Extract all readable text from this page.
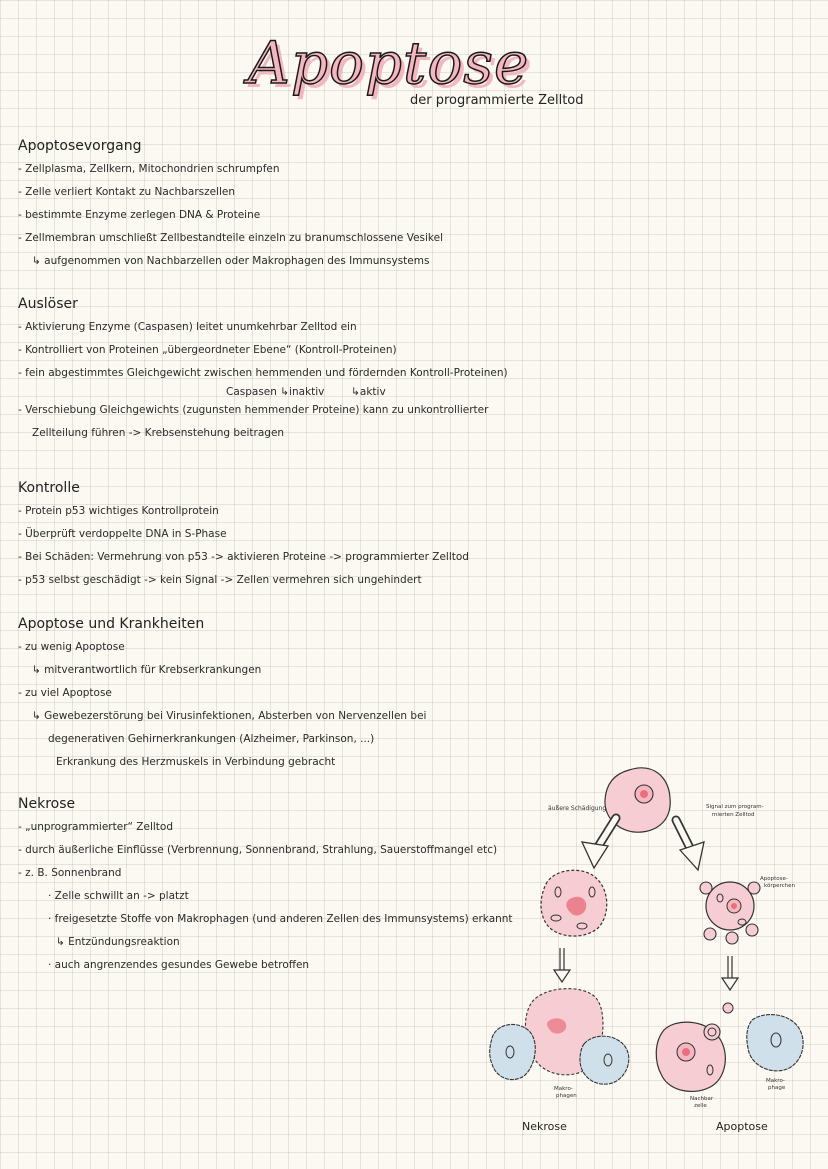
Apoptose
der programmierte Zelltod
Apoptosevorgang
- Zellplasma, Zellkern, Mitochondrien schrumpfen
- Zelle verliert Kontakt zu Nachbarszellen
- bestimmte Enzyme zerlegen DNA & Proteine
- Zellmembran umschließt Zellbestandteile einzeln zu branumschlossene Vesikel
↳ aufgenommen von Nachbarzellen oder Makrophagen des Immunsystems
Auslöser
- Aktivierung Enzyme (Caspasen) leitet unumkehrbar Zelltod ein
- Kontrolliert von Proteinen „übergeordneter Ebene“ (Kontroll-Proteinen)
- fein abgestimmtes Gleichgewicht zwischen hemmenden und fördernden Kontroll-Proteinen)
Caspasen ↳inaktiv        ↳aktiv
- Verschiebung Gleichgewichts (zugunsten hemmender Proteine) kann zu unkontrollierter
Zellteilung führen -> Krebsenstehung beitragen
Kontrolle
- Protein p53 wichtiges Kontrollprotein
- Überprüft verdoppelte DNA in S-Phase
- Bei Schäden: Vermehrung von p53 -> aktivieren Proteine -> programmierter Zelltod
- p53 selbst geschädigt -> kein Signal -> Zellen vermehren sich ungehindert
Apoptose und Krankheiten
- zu wenig Apoptose
↳ mitverantwortlich für Krebserkrankungen
- zu viel Apoptose
↳ Gewebezerstörung bei Virusinfektionen, Absterben von Nervenzellen bei
degenerativen Gehirnerkrankungen (Alzheimer, Parkinson, ...)
Erkrankung des Herzmuskels in Verbindung gebracht
Nekrose
- „unprogrammierter“ Zelltod
- durch äußerliche Einflüsse (Verbrennung, Sonnenbrand, Strahlung, Sauerstoffmangel etc)
- z. B. Sonnenbrand
· Zelle schwillt an -> platzt
· freigesetzte Stoffe von Makrophagen (und anderen Zellen des Immunsystems) erkannt
↳ Entzündungsreaktion
· auch angrenzendes gesundes Gewebe betroffen
äußere Schädigung	Signal zum program-
mierten Zelltod
Apoptose-
körperchen
Makro-
phagen	Nachbar
zelle
Makro-
phage
Nekrose	Apoptose
